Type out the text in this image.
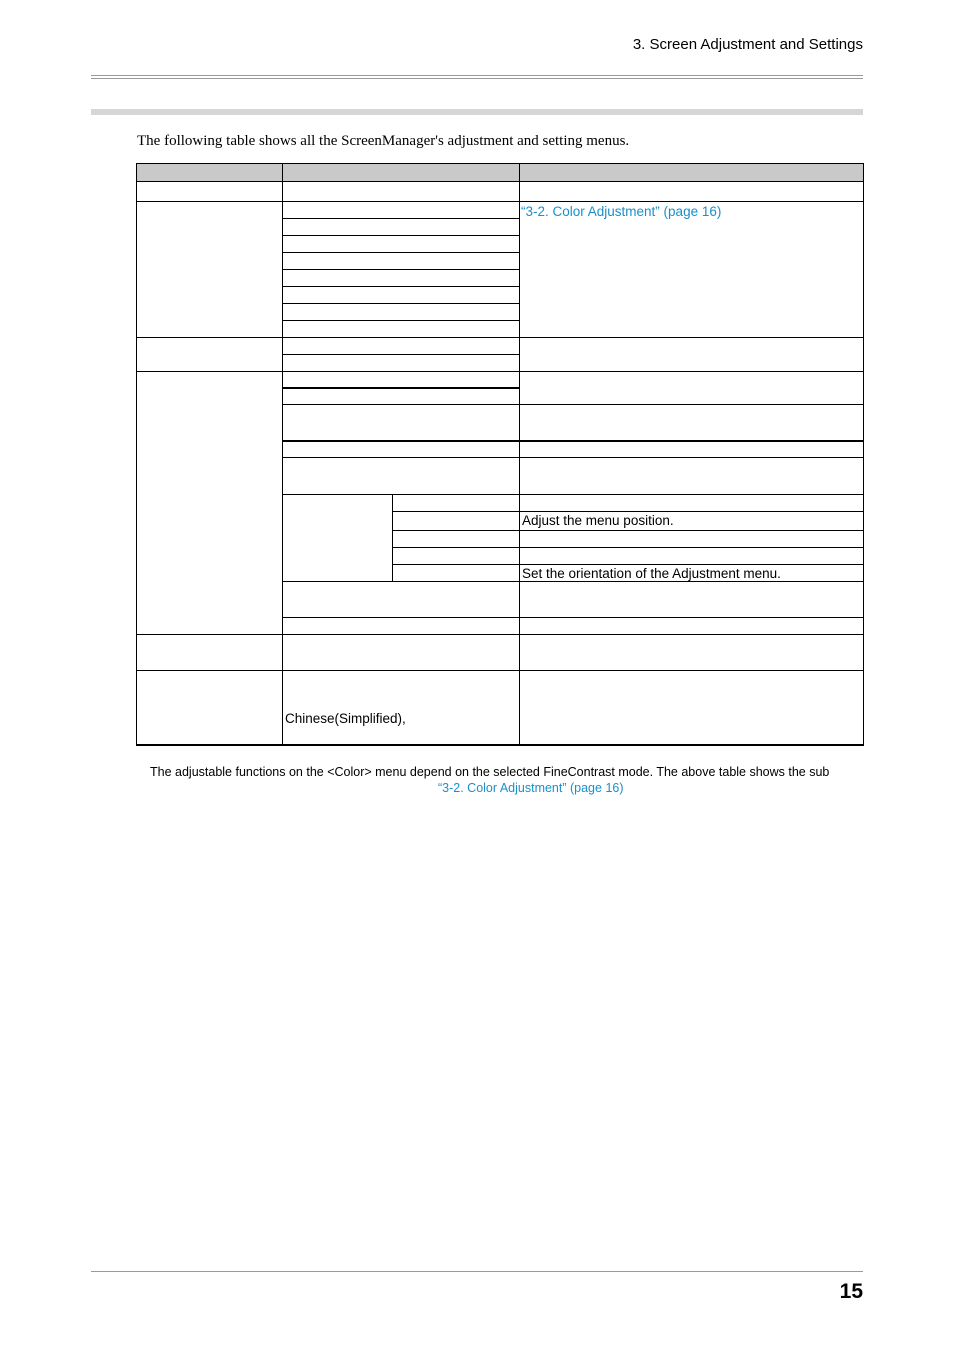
3. Screen Adjustment and Settings
The following table shows all the ScreenManager's adjustment and setting menus.
“3-2. Color Adjustment” (page 16)
Adjust the menu position.
Set the orientation of the Adjustment menu.
Chinese(Simplified),
The adjustable functions on the <Color> menu depend on the selected FineContrast mode. The above table shows the sub
“3-2. Color Adjustment” (page 16)
15
